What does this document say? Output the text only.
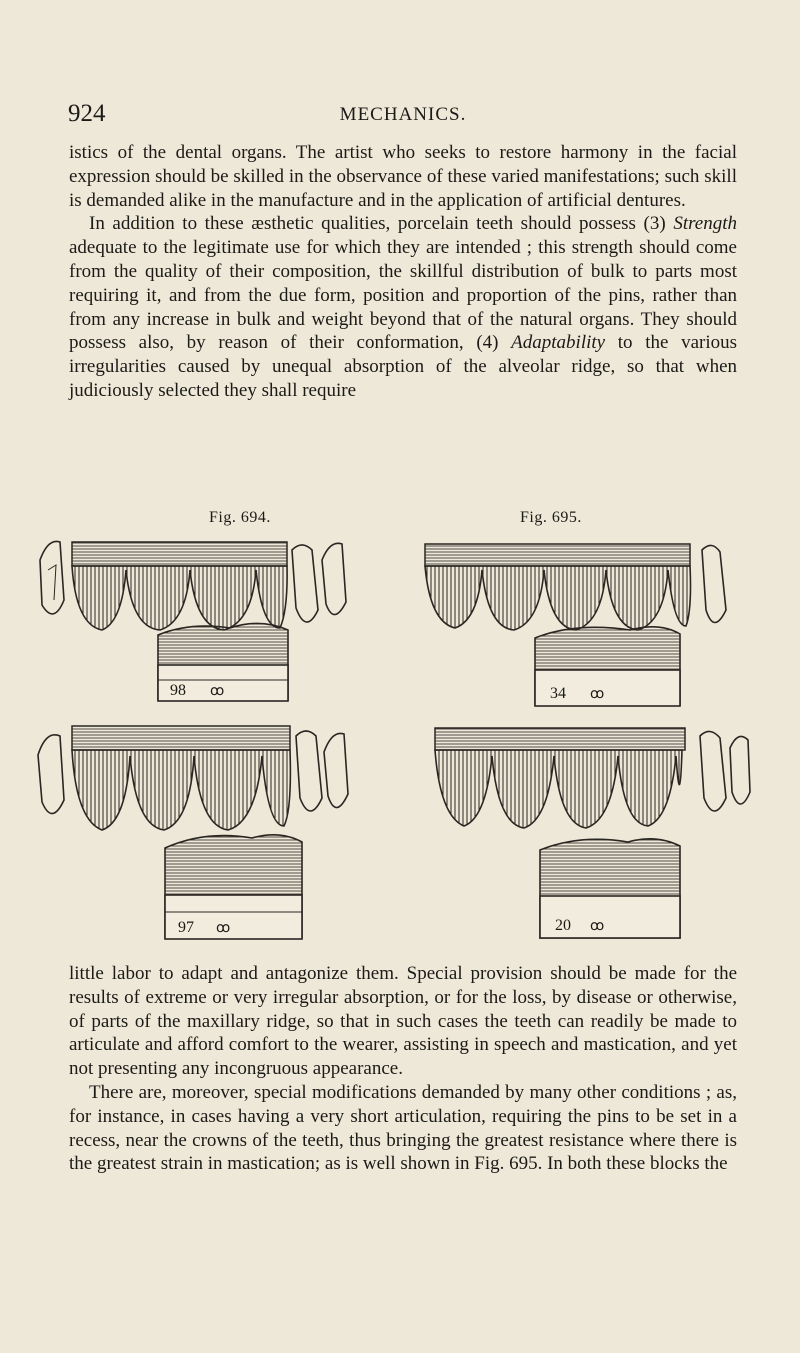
924	MECHANICS.

istics of the dental organs. The artist who seeks to restore harmony in the facial expression should be skilled in the observance of these varied manifestations; such skill is demanded alike in the manufacture and in the application of artificial dentures.

In addition to these æsthetic qualities, porcelain teeth should possess (3) Strength adequate to the legitimate use for which they are intended ; this strength should come from the quality of their composition, the skillful distribution of bulk to parts most requiring it, and from the due form, position and proportion of the pins, rather than from any increase in bulk and weight beyond that of the natural organs. They should possess also, by reason of their conformation, (4) Adaptability to the various irregularities caused by unequal absorption of the alveolar ridge, so that when judiciously selected they shall require

Fig. 694.	Fig. 695.
98 ꝏ	34 ꝏ
97 ꝏ	20 ꝏ

little labor to adapt and antagonize them. Special provision should be made for the results of extreme or very irregular absorption, or for the loss, by disease or otherwise, of parts of the maxillary ridge, so that in such cases the teeth can readily be made to articulate and afford comfort to the wearer, assisting in speech and mastication, and yet not presenting any incongruous appearance.

There are, moreover, special modifications demanded by many other conditions ; as, for instance, in cases having a very short articulation, requiring the pins to be set in a recess, near the crowns of the teeth, thus bringing the greatest resistance where there is the greatest strain in mastication; as is well shown in Fig. 695. In both these blocks the
